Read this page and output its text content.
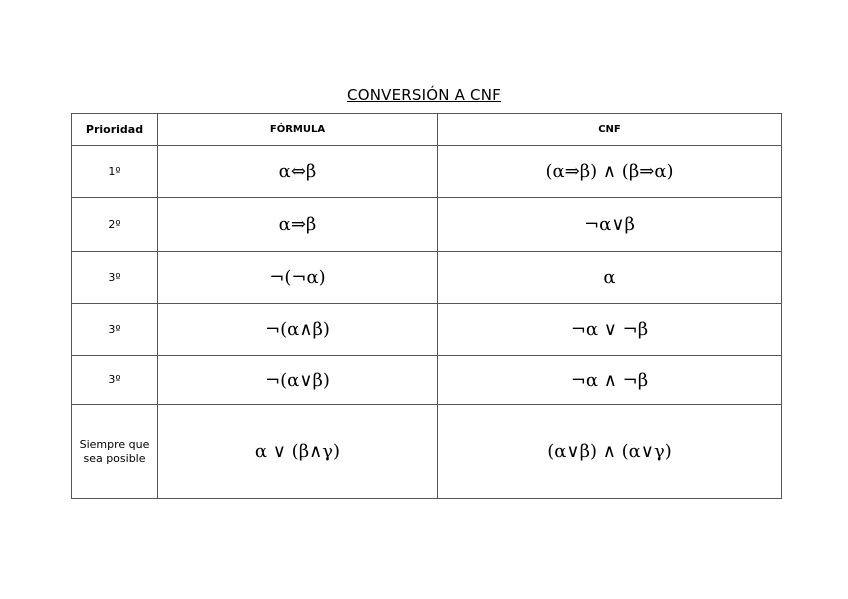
CONVERSIÓN A CNF
Prioridad	FÓRMULA	CNF
1º	α⇔β	(α⇒β) ∧ (β⇒α)
2º	α⇒β	¬α∨β
3º	¬(¬α)	α
3º	¬(α∧β)	¬α ∨ ¬β
3º	¬(α∨β)	¬α ∧ ¬β
Siempre que sea posible	α ∨ (β∧γ)	(α∨β) ∧ (α∨γ)
